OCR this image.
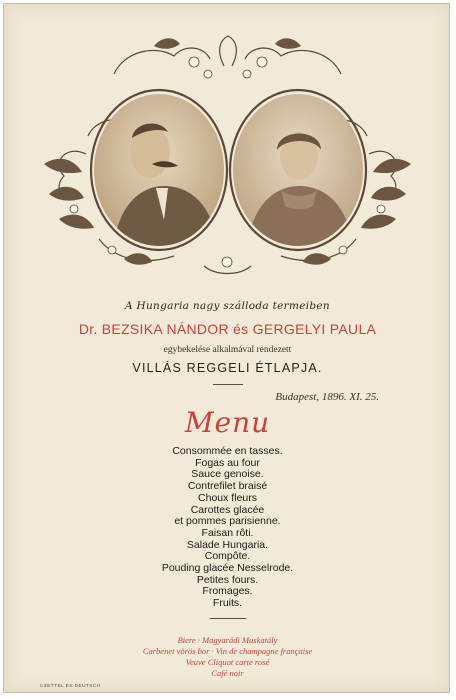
A Hungaria nagy szálloda termeiben
Dr. BEZSIKA NÁNDOR és GERGELYI PAULA
egybekelése alkalmával rendezett
VILLÁS REGGELI ÉTLAPJA.
Budapest, 1896. XI. 25.
Menu
Consommée en tasses.
Fogas au four
Sauce genoise.
Contrefilet braisé
Choux fleurs
Carottes glacée
et pommes parisienne.
Faisan rôti.
Salade Hungaria.
Compôte.
Pouding glacée Nesselrode.
Petites fours.
Fromages.
Fruits.
Biere · Magyarádi Muskatály
Carbenet vörös bor · Vin de champagne française
Veuve Cliquot carte rosé
Café noir
CZETTEL ÉS DEUTSCH
